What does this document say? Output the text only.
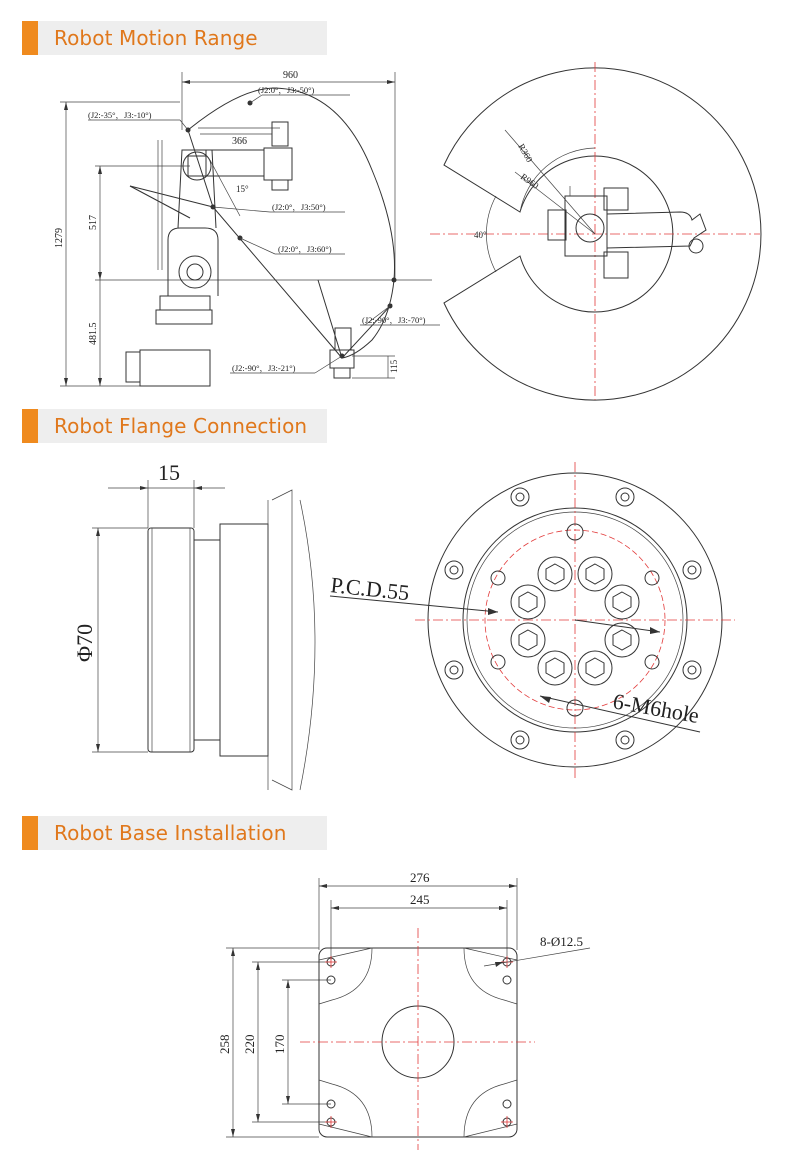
Robot Motion Range
Robot Flange Connection
Robot Base Installation
960
1279
517
481.5
366
15°
(J2:0°，J3:-50°)
(J2:-35°，J3:-10°)
(J2:0°，J3:50°)
(J2:0°，J3:60°)
(J2:-90°，J3:-70°)
(J2:-90°，J3:-21°)	115
R360
R960
40°
15
Φ70
P.C.D.55
6-M6hole
276
245
258 220 170
8-Ø12.5
